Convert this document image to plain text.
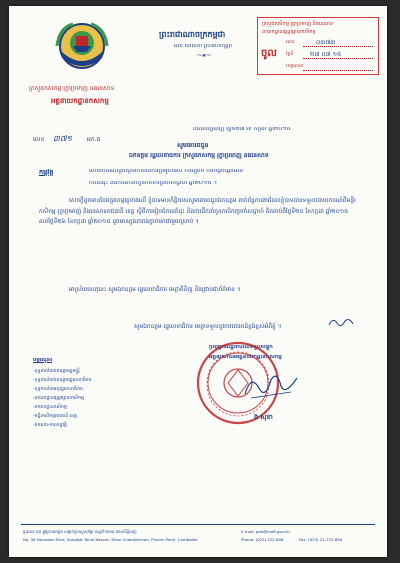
ក្រសួងកសិកម្ម រុក្ខាប្រមាញ់ និងនេសាទ
អគ្គនាយកដ្ឋានកសិកម្ម
ព្រះរាជាណាចក្រកម្ពុជា
ជាតិ សាសនា ព្រះមហាក្សត្រ
⁓❀⁓
ក្រសួងកសិកម្ម រុក្ខាប្រមាញ់ និងនេសាទ
នាយកដ្ឋានផ្សព្វផ្សាយកសិកម្ម
ចូល
លេខ	០៣៧៣
ថ្ងៃទី	២៧ ០៧ ១៥
ហត្ថលេខា
រាជធានីភ្នំពេញ ថ្ងៃទី២៧ ខែ កក្កដា ឆ្នាំ២០១៥
លេខ ៣៧១ អក.ផ
សូមគោរពជូន
ឯកឧត្តម រដ្ឋលេខាធិការ ក្រសួងកសិកម្ម រុក្ខាប្រមាញ់ និងនេសាទ
កម្មវត្ថុ	ពោយការណ៍ស្តីពីស្ថានភាពនៃការប្រមូលផល ការរៀបចំ ការបង្កបង្កើនផល
ការដាំដុះ និងការដឹកនាំកូនកសិករប្រចាំសប្តាហ៍ ឆ្នាំ២០១៥ ។
សេចក្តីដូចមានចែងក្នុងកម្មវត្ថុខាងលើ ខ្ញុំបាទមានកិត្តិយសសូមគោរពជូនឯកឧត្តម ពាក់ព័ន្ធការងារដែលខ្ញុំបាទបានទទួលរបាយការណ៍ពីមន្ទីរកសិកម្ម រុក្ខាប្រមាញ់ និងនេសាទរាជធានី ខេត្ត ស្តីពីការរៀបចំការដាំដុះ និងការដឹកនាំកូនកសិករប្រចាំសប្តាហ៍ គិតចាប់ពីថ្ងៃទី២០ ខែកក្កដា ឆ្នាំ២០១៥ ដល់ថ្ងៃទី២៦ ខែកក្កដា ឆ្នាំ២០១៥ ដូចមានក្នុងតារាងភ្ជាប់មកជាមួយស្រាប់ ។
អាស្រ័យហេតុនេះ សូមឯកឧត្តម រដ្ឋលេខាធិការ មេត្តាពិនិត្យ និងជ្រាបជាព័ត៌មាន ។
សូមឯកឧត្តម រដ្ឋលេខាធិការ មេត្តាទទួលនូវការគោរពដ៏ខ្ពង់ខ្ពស់អំពីខ្ញុំ ។
ប្រតិភូរាជរដ្ឋាភិបាលទទួលបន្ទុក
អគ្គនាយកនៃអគ្គនាយកដ្ឋានកសិកម្ម
ងី សុខា
ចម្លងជូន៖
-ខុទ្ទកាល័យឯកឧត្តមរដ្ឋមន្ត្រី
-ខុទ្ទកាល័យឯកឧត្តមរដ្ឋលេខាធិការ
-ខុទ្ទកាល័យអនុរដ្ឋលេខាធិការ
-នាយកដ្ឋានផ្សព្វផ្សាយកសិកម្ម
-នាយកដ្ឋានកសិកម្ម
-មន្ទីរកសិកម្មរាជធានី ខេត្ត
-ឯកសារ-កាលប្បវត្តិ
ផ្ទះលេខ ៥៦ ផ្លូវព្រះនរោត្តម សង្កាត់ទួលស្វាយព្រៃ ខណ្ឌចំការមន រាជធានីភ្នំពេញ
No. 56 Norodom Blvd, Sangkat Tonle Bassac, Khan Chamkarmon, Phnom Penh, Cambodia	Phone: (023) 722 896	Fax: (023) 21-722 690
E-mail: gda@maff.gov.kh
